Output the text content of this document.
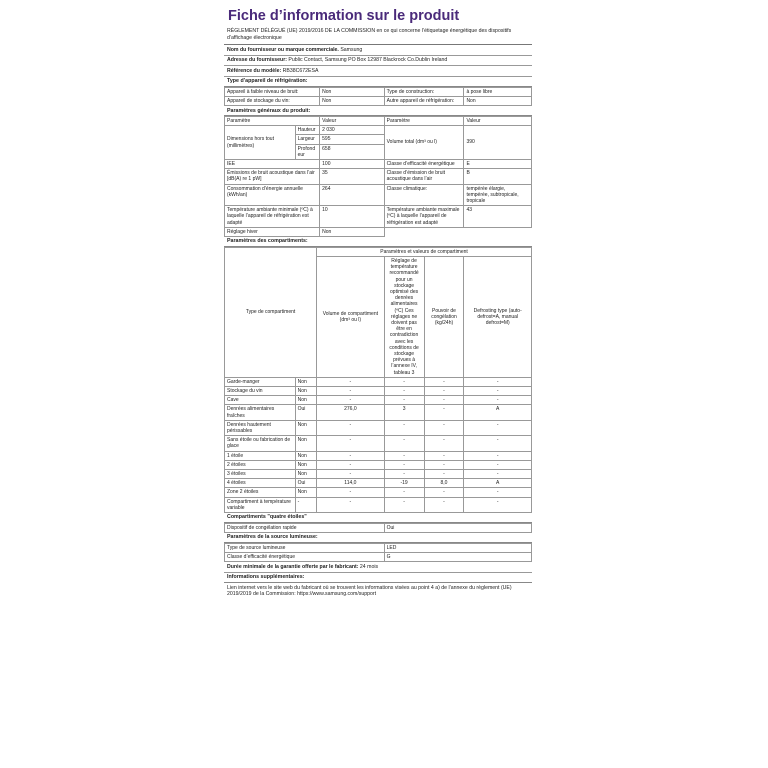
Fiche d’information sur le produit
RÈGLEMENT DÉLÉGUÉ (UE) 2019/2016 DE LA COMMISSION en ce qui concerne l’étiquetage énergétique des dispositifs d’affichage électronique
Nom du fournisseur ou marque commerciale. Samsung
Adresse du fournisseur: Public Contact, Samsung PO Box 12987 Blackrock Co.Dublin Ireland
Référence du modèle: RB38C672ESA
Type d’appareil de réfrigération:
Appareil à faible niveau de bruit:	Non	Type de construction:	à pose libre
Appareil de stockage du vin:	Non	Autre appareil de réfrigération:	Non
Paramètres généraux du produit:
Paramètre		Valeur	Paramètre	Valeur
Dimensions hors tout (millimètres)	Hauteur	2 030	Volume total (dm³ ou l)	390
	Largeur	595		
	Profondeur	658		
IEE		100	Classe d’efficacité énergétique	E
Émissions de bruit acoustique dans l’air [dB(A) re 1 pW]		35	Classe d’émission de bruit acoustique dans l’air	B
Consommation d’énergie annuelle (kWh/an)		264	Classe climatique:	tempérée élargie, tempérée, subtropicale, tropicale
Température ambiante minimale (ºC) à laquelle l’appareil de réfrigération est adapté		10	Température ambiante maximale (ºC) à laquelle l’appareil de réfrigération est adapté	43
Réglage hiver		Non		
Paramètres des compartiments:
Type de compartiment		Paramètres et valeurs de compartiment			
		Volume de compartiment (dm³ ou l)	Réglage de température recommandé pour un stockage optimisé des denrées alimentaires (ºC) Ces réglages ne doivent pas être en contradiction avec les conditions de stockage prévues à l’annexe IV, tableau 3	Pouvoir de congélation (kg/24h)	Defrosting type (auto-defrost=A, manual defrost=M)
Garde-manger	Non	-	-	-	-
Stockage du vin	Non	-	-	-	-
Cave	Non	-	-	-	-
Denrées alimentaires fraîches	Oui	276,0	3	-	A
Denrées hautement périssables	Non	-	-	-	-
Sans étoile ou fabrication de glace	Non	-	-	-	-
1 étoile	Non	-	-	-	-
2 étoiles	Non	-	-	-	-
3 étoiles	Non	-	-	-	-
4 étoiles	Oui	114,0	-19	8,0	A
Zone 2 étoiles	Non	-	-	-	-
Compartiment à température variable	-	-	-	-	-
Compartiments "quatre étoiles"
Dispositif de congélation rapide	Oui
Paramètres de la source lumineuse:
Type de source lumineuse	LED
Classe d’efficacité énergétique	G
Durée minimale de la garantie offerte par le fabricant: 24 mois
Informations supplémentaires:
Lien internet vers le site web du fabricant où se trouvent les informations visées au point 4 a) de l’annexe du règlement (UE) 2019/2019 de la Commission: https://www.samsung.com/support
